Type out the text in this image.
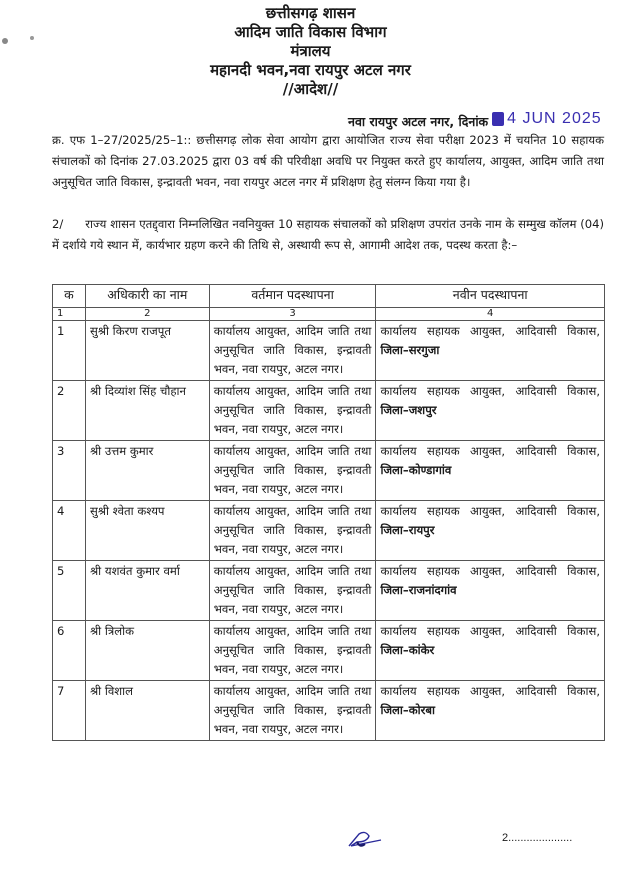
छत्तीसगढ़ शासन
आदिम जाति विकास विभाग
मंत्रालय
महानदी भवन,नवा रायपुर अटल नगर
//आदेश//
नवा रायपुर अटल नगर, दिनांक 4 JUN 2025
क्र. एफ 1–27/2025/25–1:: छत्तीसगढ़ लोक सेवा आयोग द्वारा आयोजित राज्य सेवा परीक्षा 2023 में चयनित 10 सहायक संचालकों को दिनांक 27.03.2025 द्वारा 03 वर्ष की परिवीक्षा अवधि पर नियुक्त करते हुए कार्यालय, आयुक्त, आदिम जाति तथा अनुसूचित जाति विकास, इन्द्रावती भवन, नवा रायपुर अटल नगर में प्रशिक्षण हेतु संलग्न किया गया है।
2/ राज्य शासन एतद्द्वारा निम्नलिखित नवनियुक्त 10 सहायक संचालकों को प्रशिक्षण उपरांत उनके नाम के सम्मुख कॉलम (04) में दर्शाये गये स्थान में, कार्यभार ग्रहण करने की तिथि से, अस्थायी रूप से, आगामी आदेश तक, पदस्थ करता है:–
क	अधिकारी का नाम	वर्तमान पदस्थापना	नवीन पदस्थापना
1	2	3	4
1	सुश्री किरण राजपूत	कार्यालय आयुक्त, आदिम जाति तथा अनुसूचित जाति विकास, इन्द्रावती भवन, नवा रायपुर, अटल नगर।	कार्यालय सहायक आयुक्त, आदिवासी विकास, जिला–सरगुजा
2	श्री दिव्यांश सिंह चौहान	कार्यालय आयुक्त, आदिम जाति तथा अनुसूचित जाति विकास, इन्द्रावती भवन, नवा रायपुर, अटल नगर।	कार्यालय सहायक आयुक्त, आदिवासी विकास, जिला–जशपुर
3	श्री उत्तम कुमार	कार्यालय आयुक्त, आदिम जाति तथा अनुसूचित जाति विकास, इन्द्रावती भवन, नवा रायपुर, अटल नगर।	कार्यालय सहायक आयुक्त, आदिवासी विकास, जिला–कोण्डागांव
4	सुश्री श्वेता कश्यप	कार्यालय आयुक्त, आदिम जाति तथा अनुसूचित जाति विकास, इन्द्रावती भवन, नवा रायपुर, अटल नगर।	कार्यालय सहायक आयुक्त, आदिवासी विकास, जिला–रायपुर
5	श्री यशवंत कुमार वर्मा	कार्यालय आयुक्त, आदिम जाति तथा अनुसूचित जाति विकास, इन्द्रावती भवन, नवा रायपुर, अटल नगर।	कार्यालय सहायक आयुक्त, आदिवासी विकास, जिला–राजनांदगांव
6	श्री त्रिलोक	कार्यालय आयुक्त, आदिम जाति तथा अनुसूचित जाति विकास, इन्द्रावती भवन, नवा रायपुर, अटल नगर।	कार्यालय सहायक आयुक्त, आदिवासी विकास, जिला–कांकेर
7	श्री विशाल	कार्यालय आयुक्त, आदिम जाति तथा अनुसूचित जाति विकास, इन्द्रावती भवन, नवा रायपुर, अटल नगर।	कार्यालय सहायक आयुक्त, आदिवासी विकास, जिला–कोरबा
2.....................
